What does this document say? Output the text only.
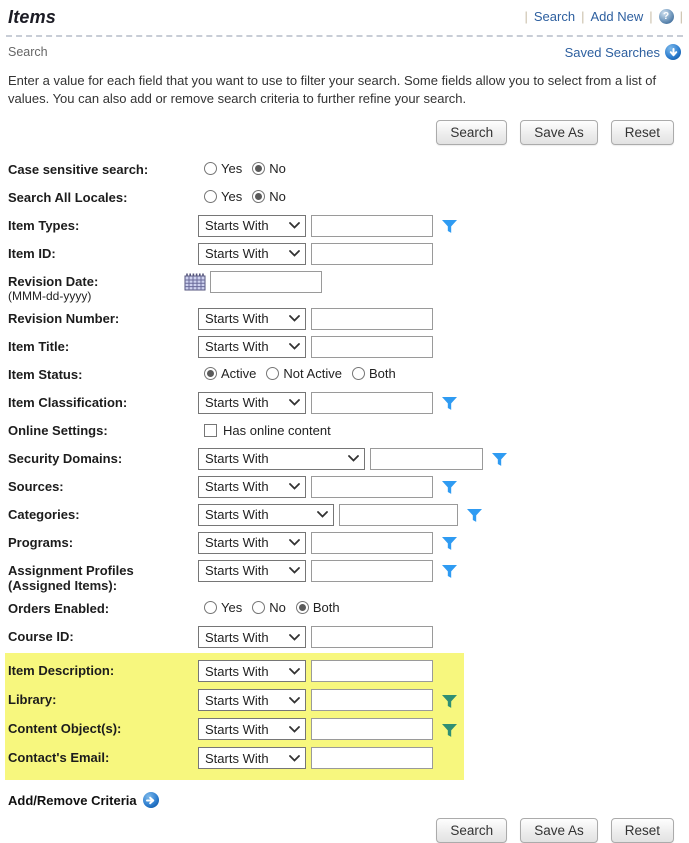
Items	| Search | Add New |	? |
Search	Saved Searches
Enter a value for each field that you want to use to filter your search. Some fields allow you to select from a list of values. You can also add or remove search criteria to further refine your search.
Search	Save As	Reset
Case sensitive search:	Yes No
Search All Locales:	Yes No
Item Types:	Starts With
Item ID:	Starts With
Revision Date:
(MMM-dd-yyyy)
Revision Number:	Starts With
Item Title:	Starts With
Item Status:	Active Not Active Both
Item Classification:	Starts With
Online Settings:	Has online content
Security Domains:	Starts With
Sources:	Starts With
Categories:	Starts With
Programs:	Starts With
Assignment Profiles
(Assigned Items):
Starts With
Orders Enabled:	Yes No Both
Course ID:	Starts With
Item Description:	Starts With
Library:	Starts With
Content Object(s):	Starts With
Contact's Email:	Starts With
Add/Remove Criteria
Search	Save As	Reset
